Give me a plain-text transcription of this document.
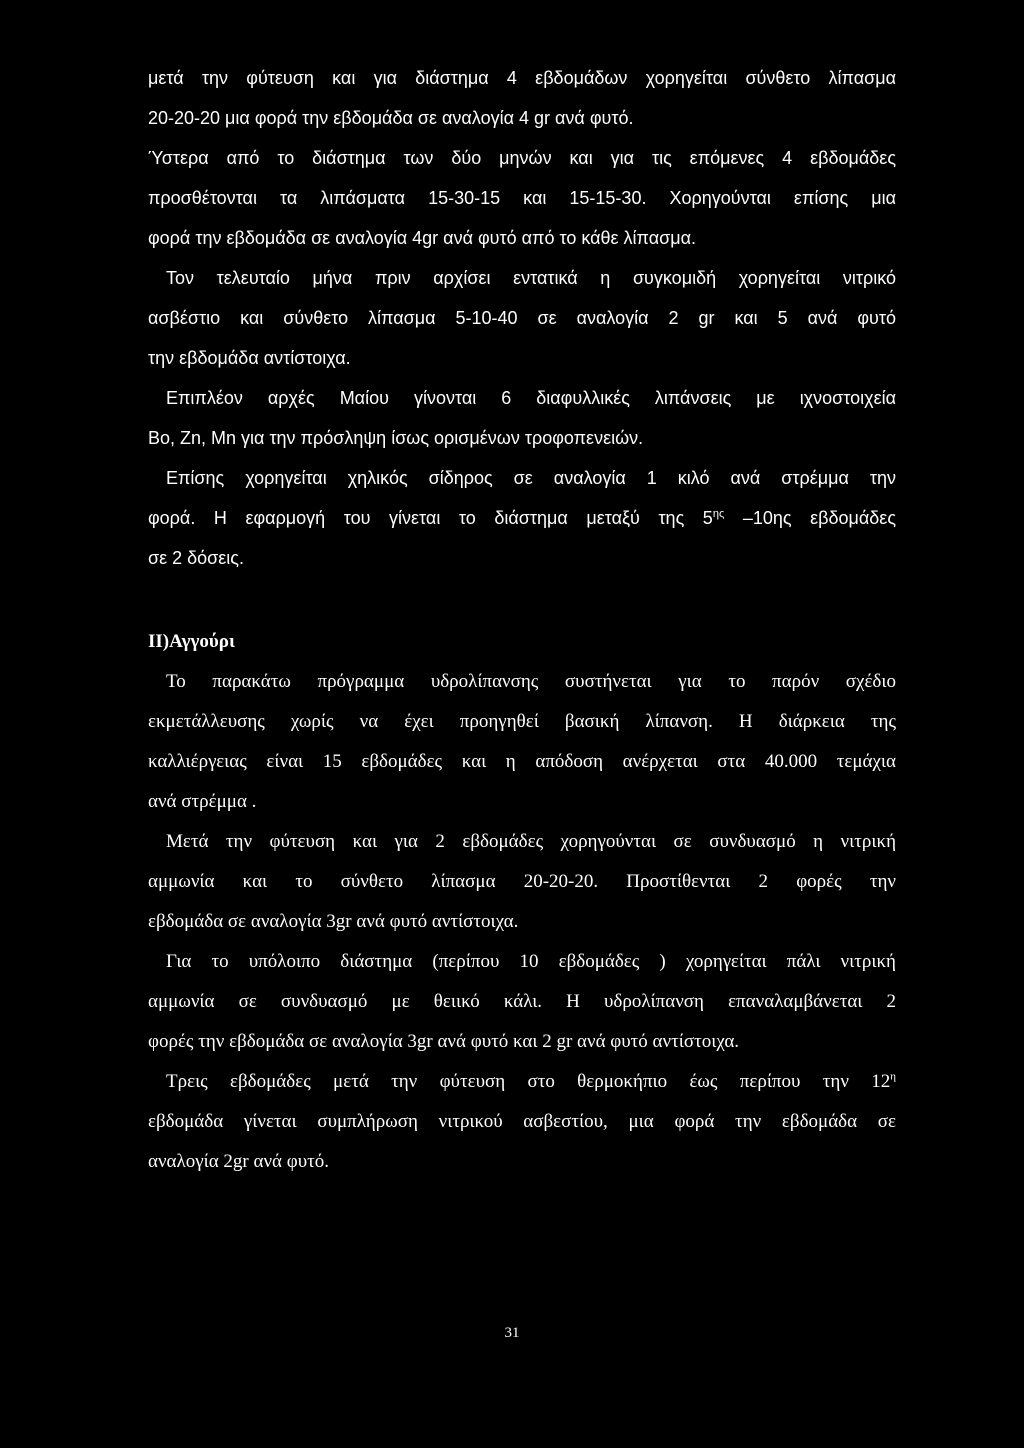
μετά την φύτευση και για διάστημα 4 εβδομάδων χορηγείται σύνθετο λίπασμα
20-20-20 μια φορά την εβδομάδα σε αναλογία 4 gr ανά φυτό.
Ύστερα από το διάστημα των δύο μηνών και για τις επόμενες 4 εβδομάδες
προσθέτονται τα λιπάσματα 15-30-15 και 15-15-30. Χορηγούνται επίσης μια
φορά την εβδομάδα σε αναλογία 4gr ανά φυτό από το κάθε λίπασμα.
Τον τελευταίο μήνα πριν αρχίσει εντατικά η συγκομιδή χορηγείται νιτρικό
ασβέστιο και σύνθετο λίπασμα 5-10-40 σε αναλογία 2 gr και 5 ανά φυτό
την εβδομάδα αντίστοιχα.
Επιπλέον αρχές Μαίου γίνονται 6 διαφυλλικές λιπάνσεις με ιχνοστοιχεία
Bo, Zn, Mn για την πρόσληψη ίσως ορισμένων τροφοπενειών.
Επίσης χορηγείται χηλικός σίδηρος σε αναλογία 1 κιλό ανά στρέμμα την
φορά. Η εφαρμογή του γίνεται το διάστημα μεταξύ της $5^{\eta\varsigma}$ –10ης εβδομάδες
σε 2 δόσεις.
II)Αγγούρι
Το παρακάτω πρόγραμμα υδρολίπανσης συστήνεται για το παρόν σχέδιο
εκμετάλλευσης χωρίς να έχει προηγηθεί βασική λίπανση. Η διάρκεια της
καλλιέργειας είναι 15 εβδομάδες και η απόδοση ανέρχεται στα 40.000 τεμάχια
ανά στρέμμα .
Μετά την φύτευση και για 2 εβδομάδες χορηγούνται σε συνδυασμό η νιτρική
αμμωνία και το σύνθετο λίπασμα 20-20-20. Προστίθενται 2 φορές την
εβδομάδα σε αναλογία 3gr ανά φυτό αντίστοιχα.
Για το υπόλοιπο διάστημα (περίπου 10 εβδομάδες ) χορηγείται πάλι νιτρική
αμμωνία σε συνδυασμό με θειικό κάλι. Η υδρολίπανση επαναλαμβάνεται 2
φορές την εβδομάδα σε αναλογία 3gr ανά φυτό και 2 gr ανά φυτό αντίστοιχα.
Τρεις εβδομάδες μετά την φύτευση στο θερμοκήπιο έως περίπου την $12^\eta$
εβδομάδα γίνεται συμπλήρωση νιτρικού ασβεστίου, μια φορά την εβδομάδα σε
αναλογία 2gr ανά φυτό.
31
